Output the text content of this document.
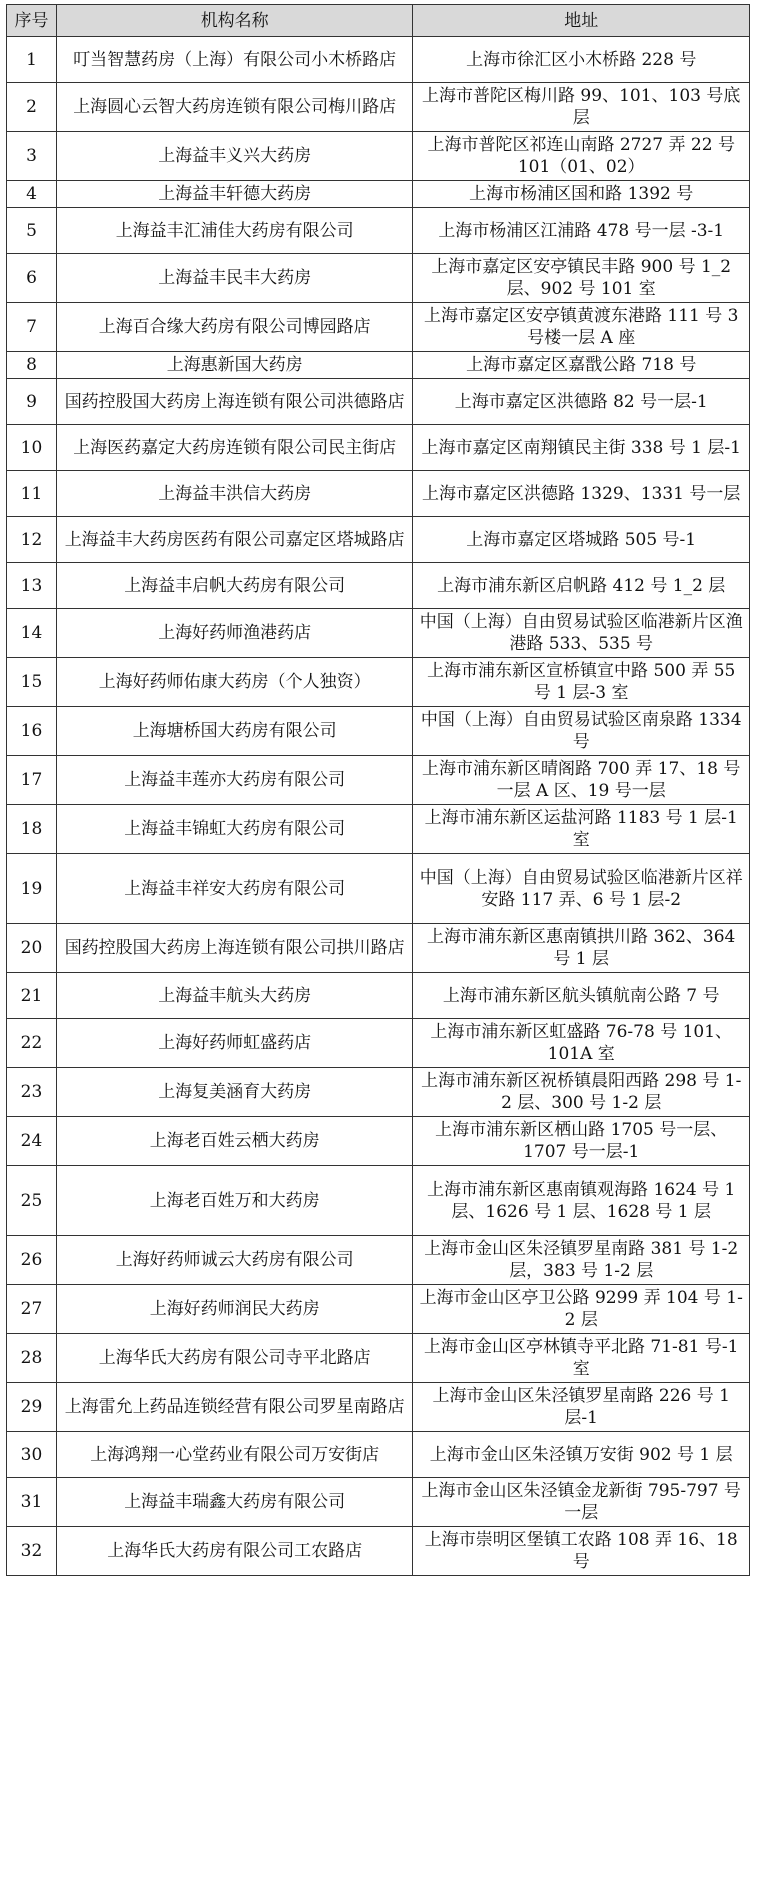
序号	机构名称	地址
1	叮当智慧药房（上海）有限公司小木桥路店	上海市徐汇区小木桥路 228 号
2	上海圆心云智大药房连锁有限公司梅川路店	上海市普陀区梅川路 99、101、103 号底层
3	上海益丰义兴大药房	上海市普陀区祁连山南路 2727 弄 22 号 101（01、02）
4	上海益丰轩德大药房	上海市杨浦区国和路 1392 号
5	上海益丰汇浦佳大药房有限公司	上海市杨浦区江浦路 478 号一层 -3-1
6	上海益丰民丰大药房	上海市嘉定区安亭镇民丰路 900 号 1_2 层、902 号 101 室
7	上海百合缘大药房有限公司博园路店	上海市嘉定区安亭镇黄渡东港路 111 号 3 号楼一层 A 座
8	上海惠新国大药房	上海市嘉定区嘉戬公路 718 号
9	国药控股国大药房上海连锁有限公司洪德路店	上海市嘉定区洪德路 82 号一层-1
10	上海医药嘉定大药房连锁有限公司民主街店	上海市嘉定区南翔镇民主街 338 号 1 层-1
11	上海益丰洪信大药房	上海市嘉定区洪德路 1329、1331 号一层
12	上海益丰大药房医药有限公司嘉定区塔城路店	上海市嘉定区塔城路 505 号-1
13	上海益丰启帆大药房有限公司	上海市浦东新区启帆路 412 号 1_2 层
14	上海好药师渔港药店	中国（上海）自由贸易试验区临港新片区渔港路 533、535 号
15	上海好药师佑康大药房（个人独资）	上海市浦东新区宣桥镇宣中路 500 弄 55 号 1 层-3 室
16	上海塘桥国大药房有限公司	中国（上海）自由贸易试验区南泉路 1334 号
17	上海益丰莲亦大药房有限公司	上海市浦东新区晴阁路 700 弄 17、18 号一层 A 区、19 号一层
18	上海益丰锦虹大药房有限公司	上海市浦东新区运盐河路 1183 号 1 层-1 室
19	上海益丰祥安大药房有限公司	中国（上海）自由贸易试验区临港新片区祥安路 117 弄、6 号 1 层-2
20	国药控股国大药房上海连锁有限公司拱川路店	上海市浦东新区惠南镇拱川路 362、364 号 1 层
21	上海益丰航头大药房	上海市浦东新区航头镇航南公路 7 号
22	上海好药师虹盛药店	上海市浦东新区虹盛路 76-78 号 101、101A 室
23	上海复美涵育大药房	上海市浦东新区祝桥镇晨阳西路 298 号 1-2 层、300 号 1-2 层
24	上海老百姓云栖大药房	上海市浦东新区栖山路 1705 号一层、1707 号一层-1
25	上海老百姓万和大药房	上海市浦东新区惠南镇观海路 1624 号 1 层、1626 号 1 层、1628 号 1 层
26	上海好药师诚云大药房有限公司	上海市金山区朱泾镇罗星南路 381 号 1-2 层，383 号 1-2 层
27	上海好药师润民大药房	上海市金山区亭卫公路 9299 弄 104 号 1-2 层
28	上海华氏大药房有限公司寺平北路店	上海市金山区亭林镇寺平北路 71-81 号-1 室
29	上海雷允上药品连锁经营有限公司罗星南路店	上海市金山区朱泾镇罗星南路 226 号 1 层-1
30	上海鸿翔一心堂药业有限公司万安街店	上海市金山区朱泾镇万安街 902 号 1 层
31	上海益丰瑞鑫大药房有限公司	上海市金山区朱泾镇金龙新街 795-797 号一层
32	上海华氏大药房有限公司工农路店	上海市崇明区堡镇工农路 108 弄 16、18 号
